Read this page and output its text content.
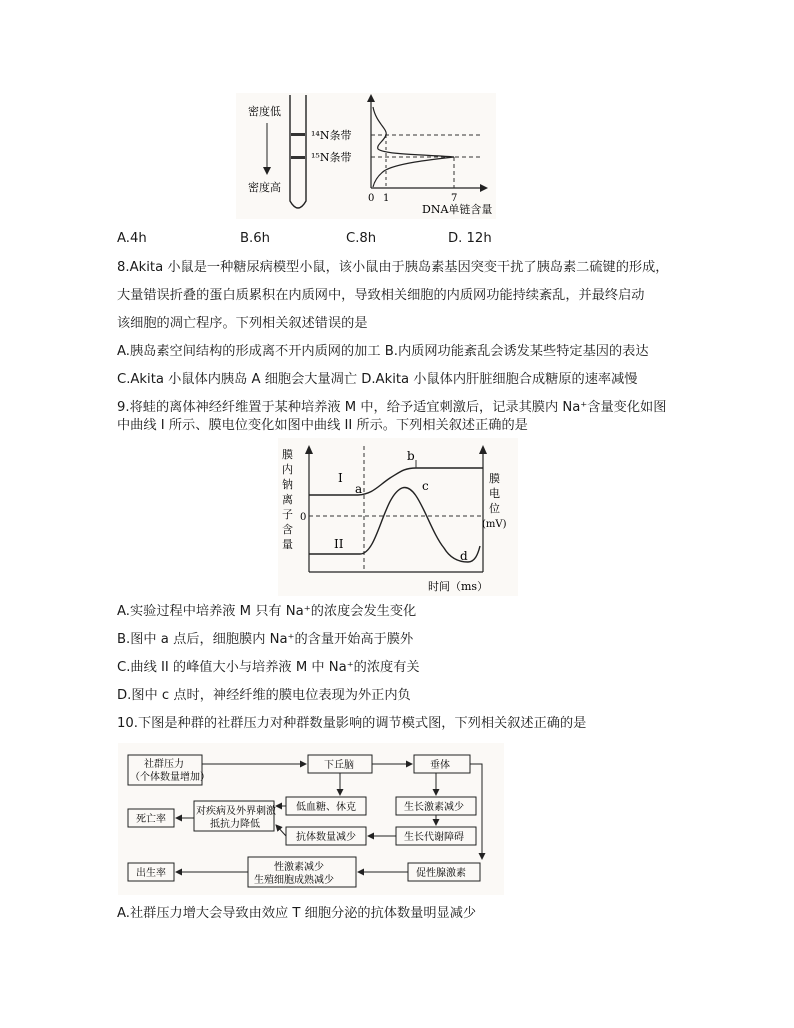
密度低
密度高
¹⁴N条带
¹⁵N条带
0 1	7
DNA单链含量
A.4h	B.6h	C.8h	D. 12h
8.Akita 小鼠是一种糖尿病模型小鼠，该小鼠由于胰岛素基因突变干扰了胰岛素二硫键的形成，
大量错误折叠的蛋白质累积在内质网中，导致相关细胞的内质网功能持续紊乱，并最终启动
该细胞的凋亡程序。下列相关叙述错误的是
A.胰岛素空间结构的形成离不开内质网的加工 B.内质网功能紊乱会诱发某些特定基因的表达
C.Akita 小鼠体内胰岛 A 细胞会大量凋亡 D.Akita 小鼠体内肝脏细胞合成糖原的速率减慢
9.将蛙的离体神经纤维置于某种培养液 M 中，给予适宜刺激后，记录其膜内 Na⁺含量变化如图
中曲线 I 所示、膜电位变化如图中曲线 II 所示。下列相关叙述正确的是
膜
内
钠
离
子
含
量
0
I
II
a
b
c
d
膜
电
位
(mV)
时间（ms）
A.实验过程中培养液 M 只有 Na⁺的浓度会发生变化
B.图中 a 点后，细胞膜内 Na⁺的含量开始高于膜外
C.曲线 II 的峰值大小与培养液 M 中 Na⁺的浓度有关
D.图中 c 点时，神经纤维的膜电位表现为外正内负
10.下图是种群的社群压力对种群数量影响的调节模式图，下列相关叙述正确的是
社群压力
（个体数量增加）
下丘脑	垂体
低血糖、休克	生长激素减少
对疾病及外界刺激
抵抗力降低
死亡率
抗体数量减少	生长代谢障碍
性激素减少
生殖细胞成熟减少
促性腺激素
出生率
A.社群压力增大会导致由效应 T 细胞分泌的抗体数量明显减少
